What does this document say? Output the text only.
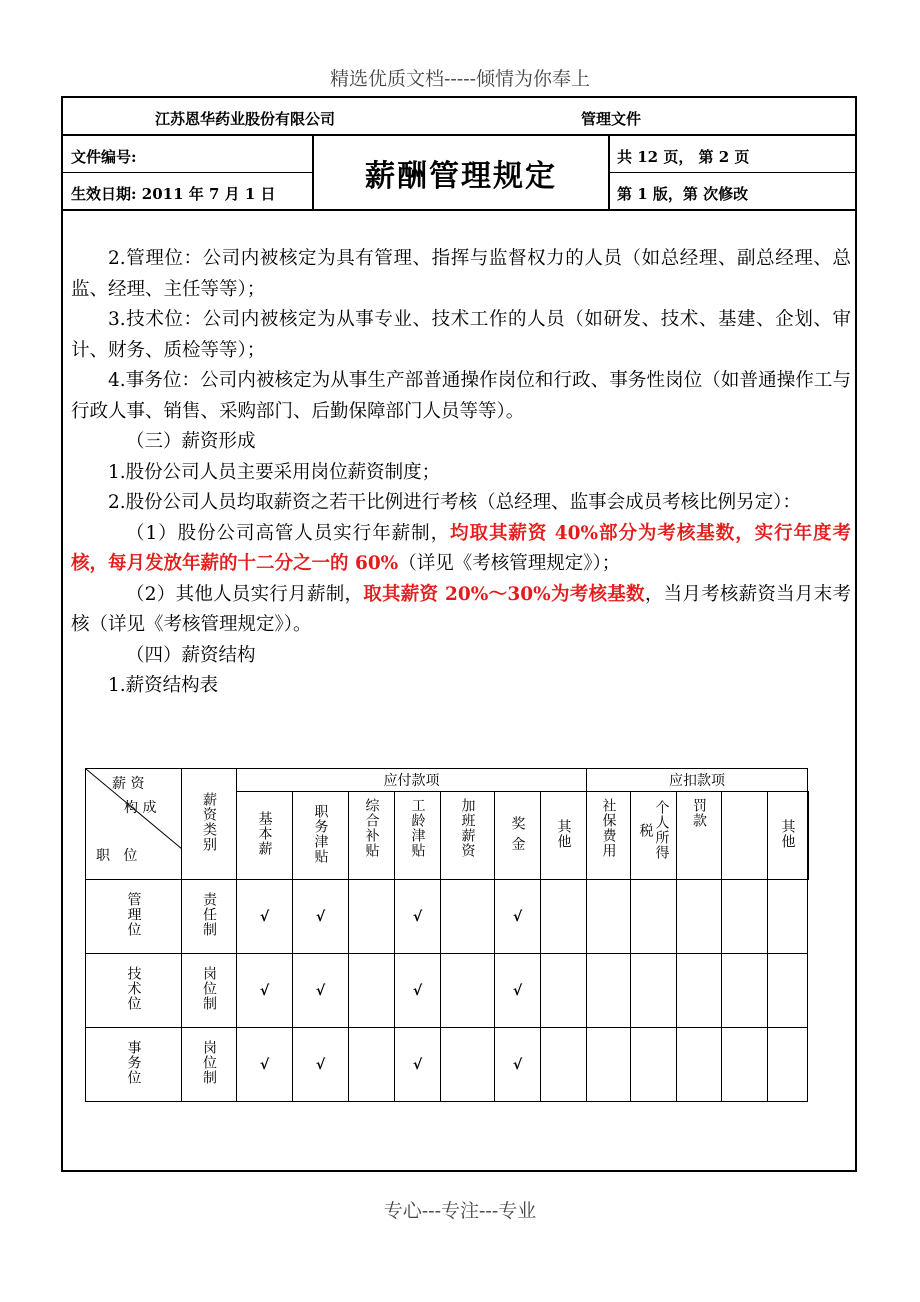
精选优质文档-----倾情为你奉上
江苏恩华药业股份有限公司	管理文件
文件编号:
生效日期: 2011 年 7 月 1 日	薪酬管理规定
共 12 页， 第 2 页
第 1 版，第 次修改

2.管理位：公司内被核定为具有管理、指挥与监督权力的人员（如总经理、副总经理、总监、经理、主任等等）；

3.技术位：公司内被核定为从事专业、技术工作的人员（如研发、技术、基建、企划、审计、财务、质检等等）；

4.事务位：公司内被核定为从事生产部普通操作岗位和行政、事务性岗位（如普通操作工与行政人事、销售、采购部门、后勤保障部门人员等等）。

（三）薪资形成

1.股份公司人员主要采用岗位薪资制度；

2.股份公司人员均取薪资之若干比例进行考核（总经理、监事会成员考核比例另定）：

（1）股份公司高管人员实行年薪制，均取其薪资 40%部分为考核基数，实行年度考核，每月发放年薪的十二分之一的 60%（详见《考核管理规定》）；

（2）其他人员实行月薪制，取其薪资 20%～30%为考核基数，当月考核薪资当月末考核（详见《考核管理规定》）。

（四）薪资结构

1.薪资结构表

薪 资
构 成
职   位	薪资类别	应付款项							应扣款项					
		基本薪	职务津贴	综合补贴	工龄津贴	加班薪资	奖 金	其他	社保费用	个人所得税	罚款		其他	
管理位	责任制	√	√		√		√							
技术位	岗位制	√	√		√		√							
事务位	岗位制	√	√		√		√							
专心---专注---专业
